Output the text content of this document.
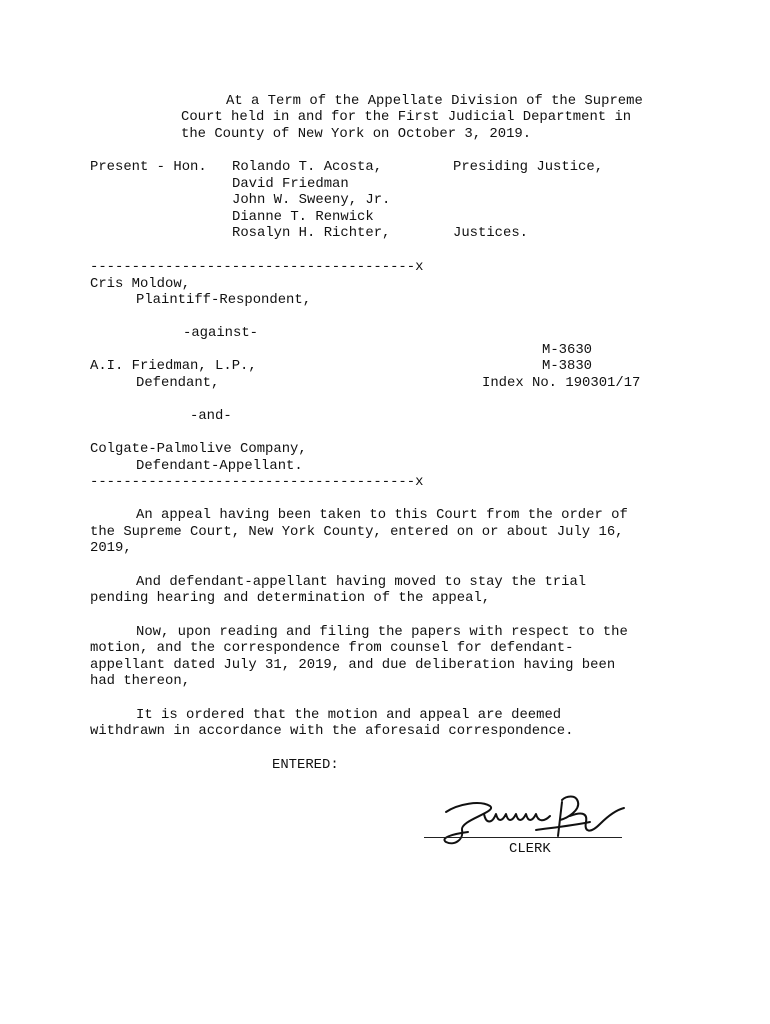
At a Term of the Appellate Division of the Supreme
Court held in and for the First Judicial Department in
the County of New York on October 3, 2019.
Present - Hon. Rolando T. Acosta,	Presiding Justice,
David Friedman
John W. Sweeny, Jr.
Dianne T. Renwick
Rosalyn H. Richter,	Justices.
---------------------------------------x
Cris Moldow,
Plaintiff-Respondent,
-against-
M-3630
A.I. Friedman, L.P.,	M-3830
Defendant,	Index No. 190301/17
-and-
Colgate-Palmolive Company,
Defendant-Appellant.
---------------------------------------x
An appeal having been taken to this Court from the order of
the Supreme Court, New York County, entered on or about July 16,
2019,
And defendant-appellant having moved to stay the trial
pending hearing and determination of the appeal,
Now, upon reading and filing the papers with respect to the
motion, and the correspondence from counsel for defendant-
appellant dated July 31, 2019, and due deliberation having been
had thereon,
It is ordered that the motion and appeal are deemed
withdrawn in accordance with the aforesaid correspondence.
ENTERED:
CLERK
